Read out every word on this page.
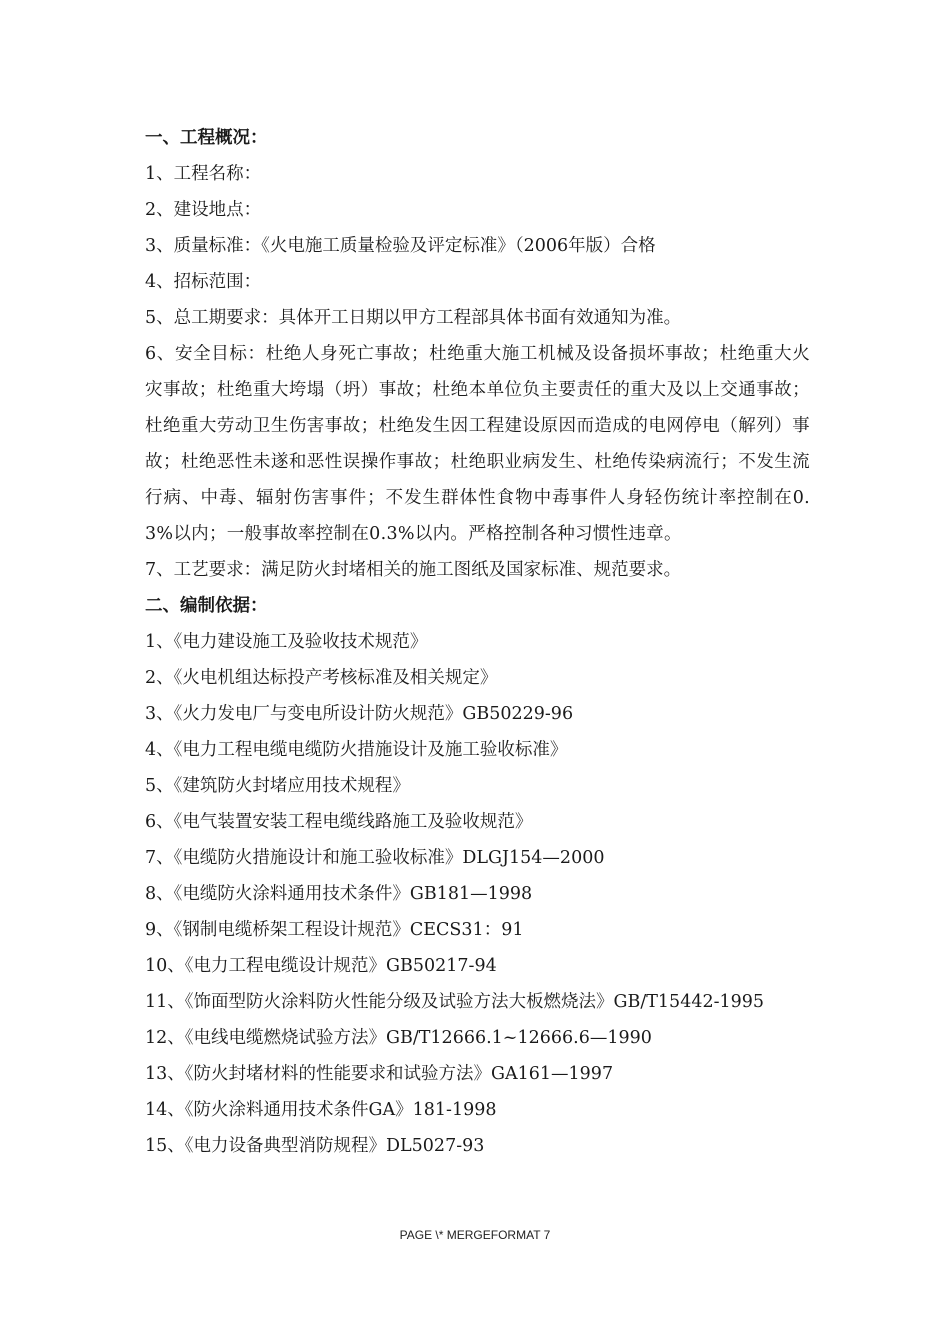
一、工程概况：
1、工程名称：
2、建设地点：
3、质量标准：《火电施工质量检验及评定标准》（2006年版）合格
4、招标范围：
5、总工期要求：具体开工日期以甲方工程部具体书面有效通知为准。
6、安全目标：杜绝人身死亡事故；杜绝重大施工机械及设备损坏事故；杜绝重大火灾事故；杜绝重大垮塌（坍）事故；杜绝本单位负主要责任的重大及以上交通事故；杜绝重大劳动卫生伤害事故；杜绝发生因工程建设原因而造成的电网停电（解列）事故；杜绝恶性未遂和恶性误操作事故；杜绝职业病发生、杜绝传染病流行；不发生流行病、中毒、辐射伤害事件；不发生群体性食物中毒事件人身轻伤统计率控制在0.3%以内；一般事故率控制在0.3%以内。严格控制各种习惯性违章。
7、工艺要求：满足防火封堵相关的施工图纸及国家标准、规范要求。
二、编制依据：
1、《电力建设施工及验收技术规范》
2、《火电机组达标投产考核标准及相关规定》
3、《火力发电厂与变电所设计防火规范》GB50229-96
4、《电力工程电缆电缆防火措施设计及施工验收标准》
5、《建筑防火封堵应用技术规程》
6、《电气装置安装工程电缆线路施工及验收规范》
7、《电缆防火措施设计和施工验收标准》DLGJ154—2000
8、《电缆防火涂料通用技术条件》GB181—1998
9、《钢制电缆桥架工程设计规范》CECS31：91
10、《电力工程电缆设计规范》GB50217-94
11、《饰面型防火涂料防火性能分级及试验方法大板燃烧法》GB/T15442-1995
12、《电线电缆燃烧试验方法》GB/T12666.1~12666.6—1990
13、《防火封堵材料的性能要求和试验方法》GA161—1997
14、《防火涂料通用技术条件GA》181-1998
15、《电力设备典型消防规程》DL5027-93
PAGE \* MERGEFORMAT 7
